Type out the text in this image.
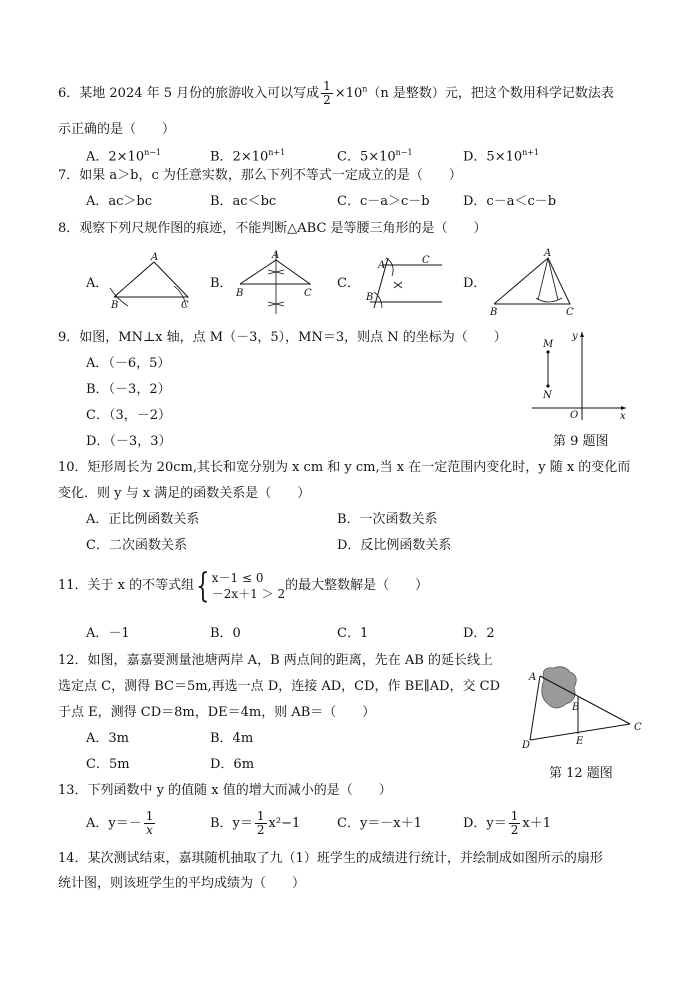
6．某地 2024 年 5 月份的旅游收入可以写成 $\frac{1}{2} \times 10^n(n$ 是整数）元，把这个数用科学记数法表
示正确的是（　　）
A．$2\times 10^{n-1}$	B．$2\times 10^{n+1}$	C．$5\times 10^{n-1}$	D．$5\times 10^{n+1}$
7．如果 a＞b，c 为任意实数，那么下列不等式一定成立的是（　　）
A．ac＞bc	B．ac＜bc	C．c－a＞c－b	D．c－a＜c－b
8．观察下列尺规作图的痕迹，不能判断△ABC 是等腰三角形的是（　　）
A．	B．	C．	D．
A
B	C
A
B	C
A
B
C
A
B	C
9．如图，MN⊥x 轴，点 M（－3，5），MN＝3，则点 N 的坐标为（　　）
A．（－6，5）
B．（－3，2）
C．（3，－2）
D．（－3，3）
M
N
O	x
y
第 9 题图
10．矩形周长为 20cm,其长和宽分别为 x cm 和 y cm,当 x 在一定范围内变化时，y 随 x 的变化而
变化．则 y 与 x 满足的函数关系是（　　）
A．正比例函数关系	B．一次函数关系
C．二次函数关系	D．反比例函数关系
11．关于 x 的不等式组{ x－1 ≤ 0
－2x＋1 ＞ 2
的最大整数解是（　　）
A．－1	B．0	C．1	D．2
12．如图，嘉嘉要测量池塘两岸 A，B 两点间的距离，先在 AB 的延长线上
选定点 C，测得 BC＝5m,再选一点 D，连接 AD，CD，作 BE∥AD，交 CD
于点 E，测得 CD＝8m，DE＝4m，则 AB＝（　　）
A．3m	B．4m
C．5m	D．6m
A
B
C
D	E
第 12 题图
13．下列函数中 y 的值随 x 值的增大而减小的是（　　）
A．$y=- \frac{1}{x}$	B．$y= \frac{1}{2} x^2-1$	C．y＝－x＋1	D．$y= \frac{1}{2} x+1$
14．某次测试结束，嘉琪随机抽取了九（1）班学生的成绩进行统计，并绘制成如图所示的扇形
统计图，则该班学生的平均成绩为（　　）
